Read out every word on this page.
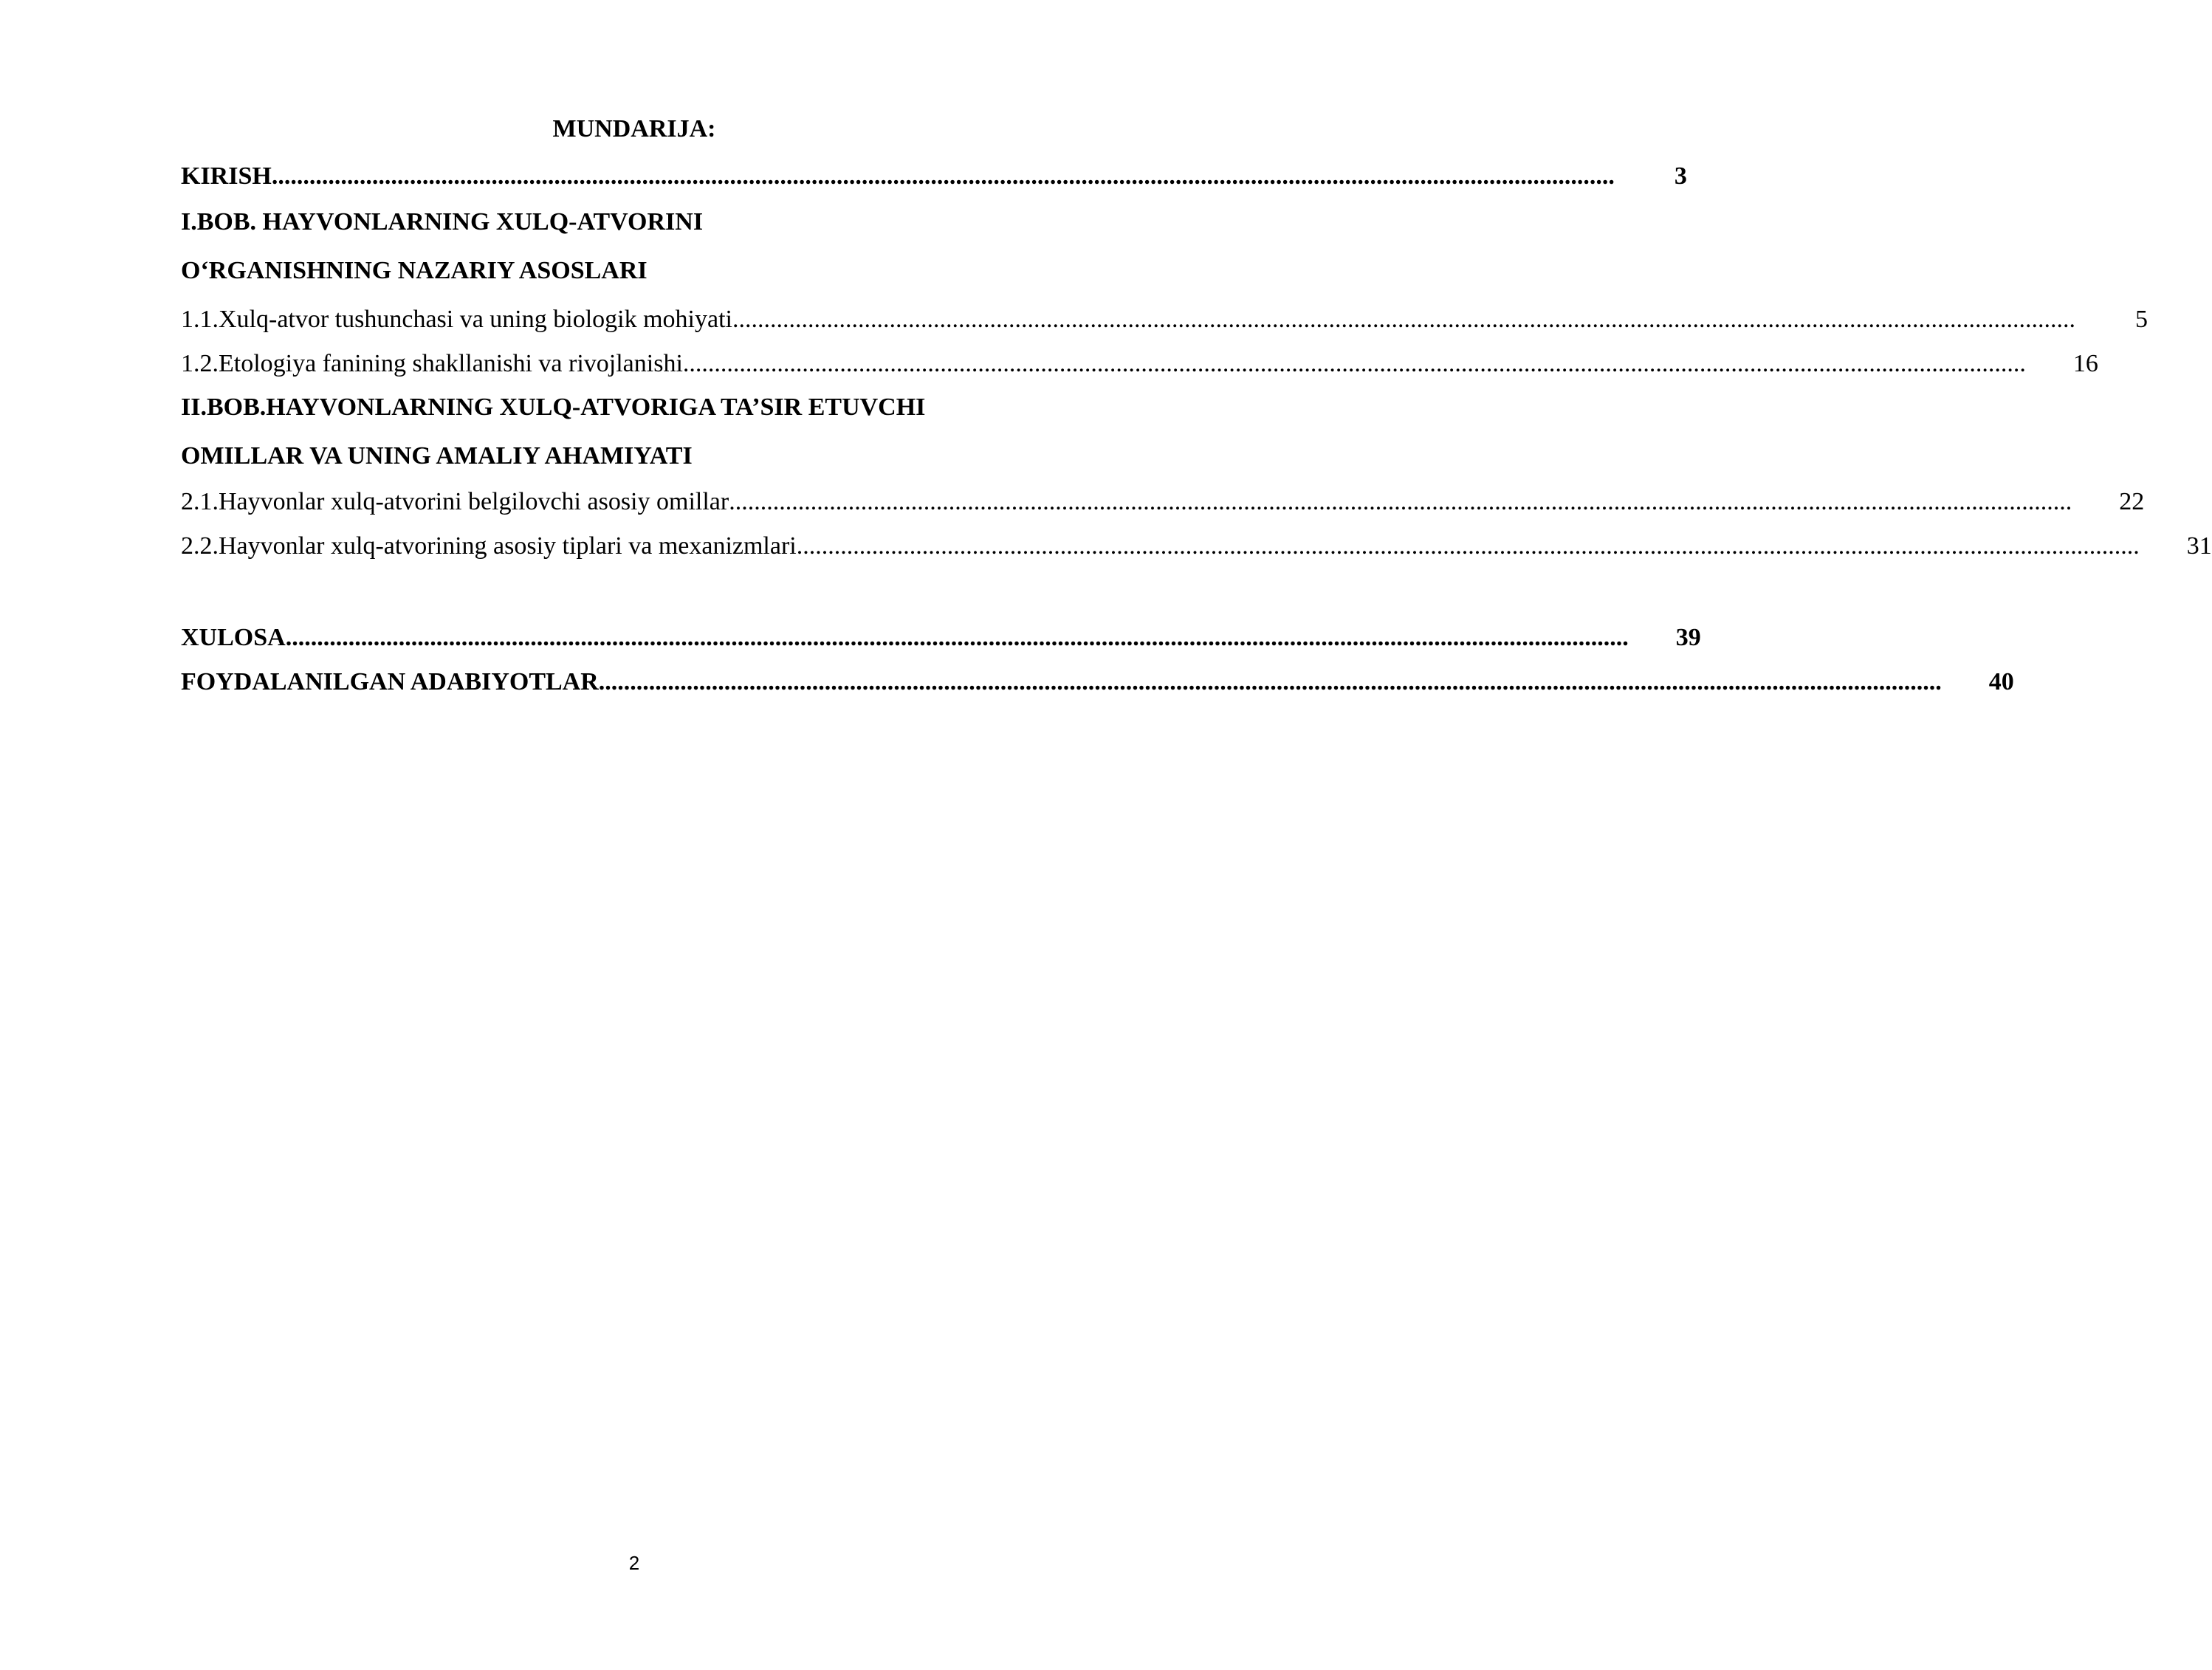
MUNDARIJA:
KIRISH ......................................................................................................................................................................................................................	3
I.BOB. HAYVONLARNING XULQ-ATVORINI
O‘RGANISHNING NAZARIY ASOSLARI
1.1.Xulq-atvor tushunchasi va uning biologik mohiyati ......................................................................................................................................................................................................................	5
1.2.Etologiya fanining shakllanishi va rivojlanishi ......................................................................................................................................................................................................................	16
II.BOB.HAYVONLARNING XULQ-ATVORIGA TA’SIR ETUVCHI
OMILLAR VA UNING AMALIY AHAMIYATI
2.1.Hayvonlar xulq-atvorini belgilovchi asosiy omillar ......................................................................................................................................................................................................................	22
2.2.Hayvonlar xulq-atvorining asosiy tiplari va mexanizmlari ......................................................................................................................................................................................................................	31
XULOSA ......................................................................................................................................................................................................................	39
FOYDALANILGAN ADABIYOTLAR ......................................................................................................................................................................................................................	40
2
